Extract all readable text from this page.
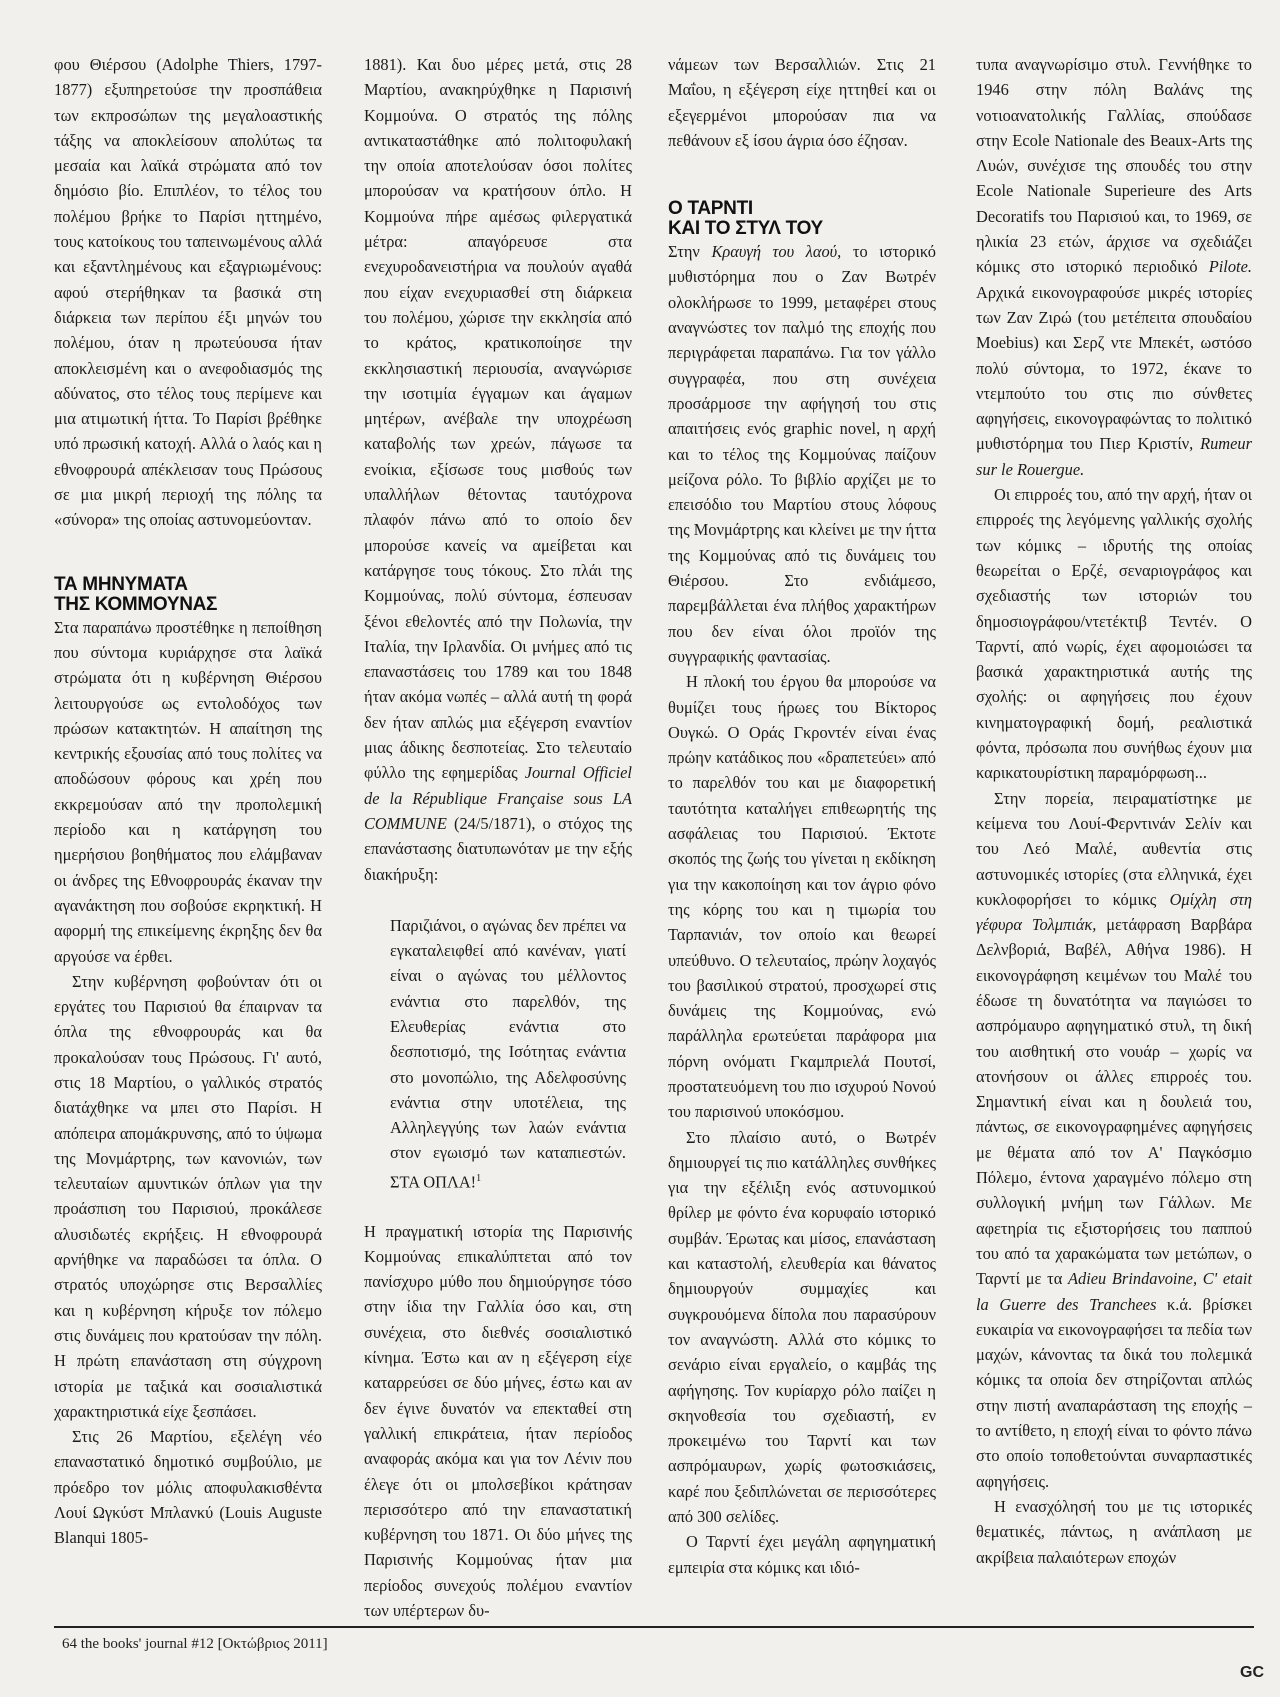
φου Θιέρσου (Adolphe Thiers, 1797-1877) εξυπηρετούσε την προσπάθεια των εκπροσώπων της μεγαλοαστικής τάξης να αποκλείσουν απολύτως τα μεσαία και λαϊκά στρώματα από τον δημόσιο βίο. Επιπλέον, το τέλος του πολέμου βρήκε το Παρίσι ηττημένο, τους κατοίκους του ταπεινωμένους αλλά και εξαντλημένους και εξαγριωμένους: αφού στερήθηκαν τα βασικά στη διάρκεια των περίπου έξι μηνών του πολέμου, όταν η πρωτεύουσα ήταν αποκλεισμένη και ο ανεφοδιασμός της αδύνατος, στο τέλος τους περίμενε και μια ατιμωτική ήττα. Το Παρίσι βρέθηκε υπό πρωσική κατοχή. Αλλά ο λαός και η εθνοφρουρά απέκλεισαν τους Πρώσους σε μια μικρή περιοχή της πόλης τα «σύνορα» της οποίας αστυνομεύονταν.

ΤΑ ΜΗΝΥΜΑΤΑ
ΤΗΣ ΚΟΜΜΟΥΝΑΣ

Στα παραπάνω προστέθηκε η πεποίθηση που σύντομα κυριάρχησε στα λαϊκά στρώματα ότι η κυβέρνηση Θιέρσου λειτουργούσε ως εντολοδόχος των πρώσων κατακτητών. Η απαίτηση της κεντρικής εξουσίας από τους πολίτες να αποδώσουν φόρους και χρέη που εκκρεμούσαν από την προπολεμική περίοδο και η κατάργηση του ημερήσιου βοηθήματος που ελάμβαναν οι άνδρες της Εθνοφρουράς έκαναν την αγανάκτηση που σοβούσε εκρηκτική. Η αφορμή της επικείμενης έκρηξης δεν θα αργούσε να έρθει.

Στην κυβέρνηση φοβούνταν ότι οι εργάτες του Παρισιού θα έπαιρναν τα όπλα της εθνοφρουράς και θα προκαλούσαν τους Πρώσους. Γι' αυτό, στις 18 Μαρτίου, ο γαλλικός στρατός διατάχθηκε να μπει στο Παρίσι. Η απόπειρα απομάκρυνσης, από το ύψωμα της Μονμάρτρης, των κανονιών, των τελευταίων αμυντικών όπλων για την προάσπιση του Παρισιού, προκάλεσε αλυσιδωτές εκρήξεις. Η εθνοφρουρά αρνήθηκε να παραδώσει τα όπλα. Ο στρατός υποχώρησε στις Βερσαλλίες και η κυβέρνηση κήρυξε τον πόλεμο στις δυνάμεις που κρατούσαν την πόλη. Η πρώτη επανάσταση στη σύγχρονη ιστορία με ταξικά και σοσιαλιστικά χαρακτηριστικά είχε ξεσπάσει.

Στις 26 Μαρτίου, εξελέγη νέο επαναστατικό δημοτικό συμβούλιο, με πρόεδρο τον μόλις αποφυλακισθέντα Λουί Ωγκύστ Μπλανκύ (Louis Auguste Blanqui 1805-

1881). Και δυο μέρες μετά, στις 28 Μαρτίου, ανακηρύχθηκε η Παρισινή Κομμούνα. Ο στρατός της πόλης αντικαταστάθηκε από πολιτοφυλακή την οποία αποτελούσαν όσοι πολίτες μπορούσαν να κρατήσουν όπλο. Η Κομμούνα πήρε αμέσως φιλεργατικά μέτρα: απαγόρευσε στα ενεχυροδανειστήρια να πουλούν αγαθά που είχαν ενεχυριασθεί στη διάρκεια του πολέμου, χώρισε την εκκλησία από το κράτος, κρατικοποίησε την εκκλησιαστική περιουσία, αναγνώρισε την ισοτιμία έγγαμων και άγαμων μητέρων, ανέβαλε την υποχρέωση καταβολής των χρεών, πάγωσε τα ενοίκια, εξίσωσε τους μισθούς των υπαλλήλων θέτοντας ταυτόχρονα πλαφόν πάνω από το οποίο δεν μπορούσε κανείς να αμείβεται και κατάργησε τους τόκους. Στο πλάι της Κομμούνας, πολύ σύντομα, έσπευσαν ξένοι εθελοντές από την Πολωνία, την Ιταλία, την Ιρλανδία. Οι μνήμες από τις επαναστάσεις του 1789 και του 1848 ήταν ακόμα νωπές – αλλά αυτή τη φορά δεν ήταν απλώς μια εξέγερση εναντίον μιας άδικης δεσποτείας. Στο τελευταίο φύλλο της εφημερίδας Journal Officiel de la République Française sous LA COMMUNE (24/5/1871), ο στόχος της επανάστασης διατυπωνόταν με την εξής διακήρυξη:

Παριζιάνοι, ο αγώνας δεν πρέπει να εγκαταλειφθεί από κανέναν, γιατί είναι ο αγώνας του μέλλοντος ενάντια στο παρελθόν, της Ελευθερίας ενάντια στο δεσποτισμό, της Ισότητας ενάντια στο μονοπώλιο, της Αδελφοσύνης ενάντια στην υποτέλεια, της Αλληλεγγύης των λαών ενάντια στον εγωισμό των καταπιεστών. ΣΤΑ ΟΠΛΑ!$^1$

Η πραγματική ιστορία της Παρισινής Κομμούνας επικαλύπτεται από τον πανίσχυρο μύθο που δημιούργησε τόσο στην ίδια την Γαλλία όσο και, στη συνέχεια, στο διεθνές σοσιαλιστικό κίνημα. Έστω και αν η εξέγερση είχε καταρρεύσει σε δύο μήνες, έστω και αν δεν έγινε δυνατόν να επεκταθεί στη γαλλική επικράτεια, ήταν περίοδος αναφοράς ακόμα και για τον Λένιν που έλεγε ότι οι μπολσεβίκοι κράτησαν περισσότερο από την επαναστατική κυβέρνηση του 1871. Οι δύο μήνες της Παρισινής Κομμούνας ήταν μια περίοδος συνεχούς πολέμου εναντίον των υπέρτερων δυ-

νάμεων των Βερσαλλιών. Στις 21 Μαΐου, η εξέγερση είχε ηττηθεί και οι εξεγερμένοι μπορούσαν πια να πεθάνουν εξ ίσου άγρια όσο έζησαν.

Ο ΤΑΡΝΤΙ
ΚΑΙ ΤΟ ΣΤΥΛ ΤΟΥ

Στην Κραυγή του λαού, το ιστορικό μυθιστόρημα που ο Ζαν Βωτρέν ολοκλήρωσε το 1999, μεταφέρει στους αναγνώστες τον παλμό της εποχής που περιγράφεται παραπάνω. Για τον γάλλο συγγραφέα, που στη συνέχεια προσάρμοσε την αφήγησή του στις απαιτήσεις ενός graphic novel, η αρχή και το τέλος της Κομμούνας παίζουν μείζονα ρόλο. Το βιβλίο αρχίζει με το επεισόδιο του Μαρτίου στους λόφους της Μονμάρτρης και κλείνει με την ήττα της Κομμούνας από τις δυνάμεις του Θιέρσου. Στο ενδιάμεσο, παρεμβάλλεται ένα πλήθος χαρακτήρων που δεν είναι όλοι προϊόν της συγγραφικής φαντασίας.

Η πλοκή του έργου θα μπορούσε να θυμίζει τους ήρωες του Βίκτορος Ουγκώ. Ο Οράς Γκροντέν είναι ένας πρώην κατάδικος που «δραπετεύει» από το παρελθόν του και με διαφορετική ταυτότητα καταλήγει επιθεωρητής της ασφάλειας του Παρισιού. Έκτοτε σκοπός της ζωής του γίνεται η εκδίκηση για την κακοποίηση και τον άγριο φόνο της κόρης του και η τιμωρία του Ταρπανιάν, τον οποίο και θεωρεί υπεύθυνο. Ο τελευταίος, πρώην λοχαγός του βασιλικού στρατού, προσχωρεί στις δυνάμεις της Κομμούνας, ενώ παράλληλα ερωτεύεται παράφορα μια πόρνη ονόματι Γκαμπριελά Πουτσί, προστατευόμενη του πιο ισχυρού Νονού του παρισινού υποκόσμου.

Στο πλαίσιο αυτό, ο Βωτρέν δημιουργεί τις πιο κατάλληλες συνθήκες για την εξέλιξη ενός αστυνομικού θρίλερ με φόντο ένα κορυφαίο ιστορικό συμβάν. Έρωτας και μίσος, επανάσταση και καταστολή, ελευθερία και θάνατος δημιουργούν συμμαχίες και συγκρουόμενα δίπολα που παρασύρουν τον αναγνώστη. Αλλά στο κόμικς το σενάριο είναι εργαλείο, ο καμβάς της αφήγησης. Τον κυρίαρχο ρόλο παίζει η σκηνοθεσία του σχεδιαστή, εν προκειμένω του Ταρντί και των ασπρόμαυρων, χωρίς φωτοσκιάσεις, καρέ που ξεδιπλώνεται σε περισσότερες από 300 σελίδες.

Ο Ταρντί έχει μεγάλη αφηγηματική εμπειρία στα κόμικς και ιδιό-

τυπα αναγνωρίσιμο στυλ. Γεννήθηκε το 1946 στην πόλη Βαλάνς της νοτιοανατολικής Γαλλίας, σπούδασε στην Ecole Nationale des Beaux-Arts της Λυών, συνέχισε της σπουδές του στην Ecole Nationale Superieure des Arts Decoratifs του Παρισιού και, το 1969, σε ηλικία 23 ετών, άρχισε να σχεδιάζει κόμικς στο ιστορικό περιοδικό Pilote. Αρχικά εικονογραφούσε μικρές ιστορίες των Ζαν Ζιρώ (του μετέπειτα σπουδαίου Moebius) και Σερζ ντε Μπεκέτ, ωστόσο πολύ σύντομα, το 1972, έκανε το ντεμπούτο του στις πιο σύνθετες αφηγήσεις, εικονογραφώντας το πολιτικό μυθιστόρημα του Πιερ Κριστίν, Rumeur sur le Rouergue.

Οι επιρροές του, από την αρχή, ήταν οι επιρροές της λεγόμενης γαλλικής σχολής των κόμικς – ιδρυτής της οποίας θεωρείται ο Ερζέ, σεναριογράφος και σχεδιαστής των ιστοριών του δημοσιογράφου/ντετέκτιβ Τεντέν. Ο Ταρντί, από νωρίς, έχει αφομοιώσει τα βασικά χαρακτηριστικά αυτής της σχολής: οι αφηγήσεις που έχουν κινηματογραφική δομή, ρεαλιστικά φόντα, πρόσωπα που συνήθως έχουν μια καρικατουρίστικη παραμόρφωση...

Στην πορεία, πειραματίστηκε με κείμενα του Λουί-Φερντινάν Σελίν και του Λεό Μαλέ, αυθεντία στις αστυνομικές ιστορίες (στα ελληνικά, έχει κυκλοφορήσει το κόμικς Ομίχλη στη γέφυρα Τολμπιάκ, μετάφραση Βαρβάρα Δελνβοριά, Βαβέλ, Αθήνα 1986). Η εικονογράφηση κειμένων του Μαλέ του έδωσε τη δυνατότητα να παγιώσει το ασπρόμαυρο αφηγηματικό στυλ, τη δική του αισθητική στο νουάρ – χωρίς να ατονήσουν οι άλλες επιρροές του. Σημαντική είναι και η δουλειά του, πάντως, σε εικονογραφημένες αφηγήσεις με θέματα από τον Α' Παγκόσμιο Πόλεμο, έντονα χαραγμένο πόλεμο στη συλλογική μνήμη των Γάλλων. Με αφετηρία τις εξιστορήσεις του παππού του από τα χαρακώματα των μετώπων, ο Ταρντί με τα Adieu Brindavoine, C' etait la Guerre des Tranchees κ.ά. βρίσκει ευκαιρία να εικονογραφήσει τα πεδία των μαχών, κάνοντας τα δικά του πολεμικά κόμικς τα οποία δεν στηρίζονται απλώς στην πιστή αναπαράσταση της εποχής – το αντίθετο, η εποχή είναι το φόντο πάνω στο οποίο τοποθετούνται συναρπαστικές αφηγήσεις.

Η ενασχόλησή του με τις ιστορικές θεματικές, πάντως, η ανάπλαση με ακρίβεια παλαιότερων εποχών

64 the books' journal #12 [Οκτώβριος 2011]
GC
